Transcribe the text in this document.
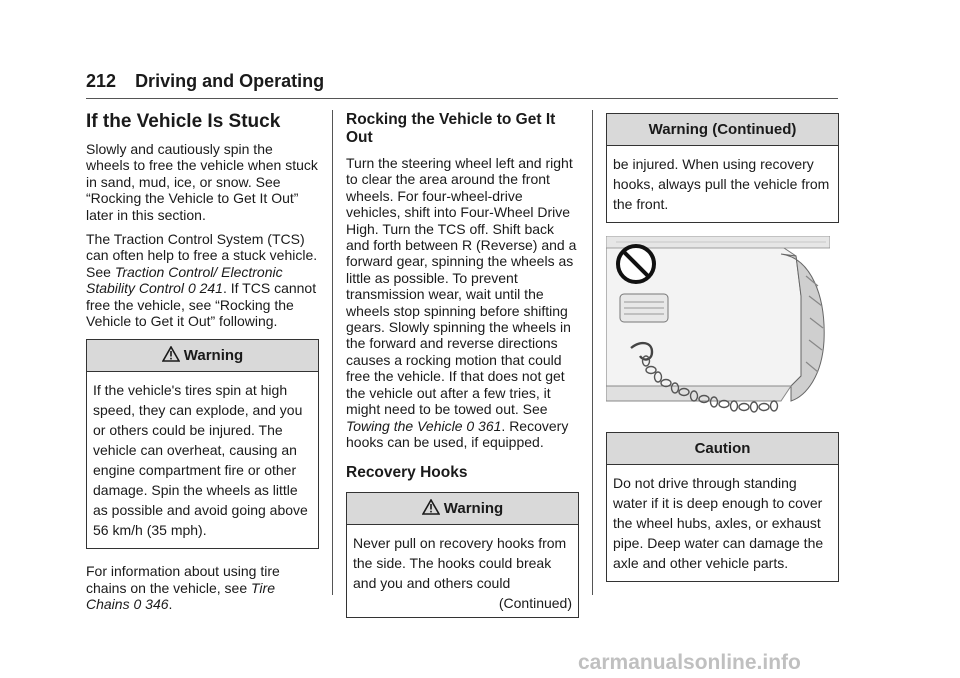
212 Driving and Operating
If the Vehicle Is Stuck

Slowly and cautiously spin the wheels to free the vehicle when stuck in sand, mud, ice, or snow. See “Rocking the Vehicle to Get It Out” later in this section.

The Traction Control System (TCS) can often help to free a stuck vehicle. See Traction Control/ Electronic Stability Control 0 241. If TCS cannot free the vehicle, see “Rocking the Vehicle to Get it Out” following.

Warning
If the vehicle's tires spin at high speed, they can explode, and you or others could be injured. The vehicle can overheat, causing an engine compartment fire or other damage. Spin the wheels as little as possible and avoid going above 56 km/h (35 mph).

For information about using tire chains on the vehicle, see Tire Chains 0 346.

Rocking the Vehicle to Get It Out

Turn the steering wheel left and right to clear the area around the front wheels. For four-wheel-drive vehicles, shift into Four-Wheel Drive High. Turn the TCS off. Shift back and forth between R (Reverse) and a forward gear, spinning the wheels as little as possible. To prevent transmission wear, wait until the wheels stop spinning before shifting gears. Slowly spinning the wheels in the forward and reverse directions causes a rocking motion that could free the vehicle. If that does not get the vehicle out after a few tries, it might need to be towed out. See Towing the Vehicle 0 361. Recovery hooks can be used, if equipped.

Recovery Hooks
Warning
Never pull on recovery hooks from the side. The hooks could break and you and others could
(Continued)
Warning (Continued)
be injured. When using recovery hooks, always pull the vehicle from the front.
Caution
Do not drive through standing water if it is deep enough to cover the wheel hubs, axles, or exhaust pipe. Deep water can damage the axle and other vehicle parts.
carmanualsonline.info
